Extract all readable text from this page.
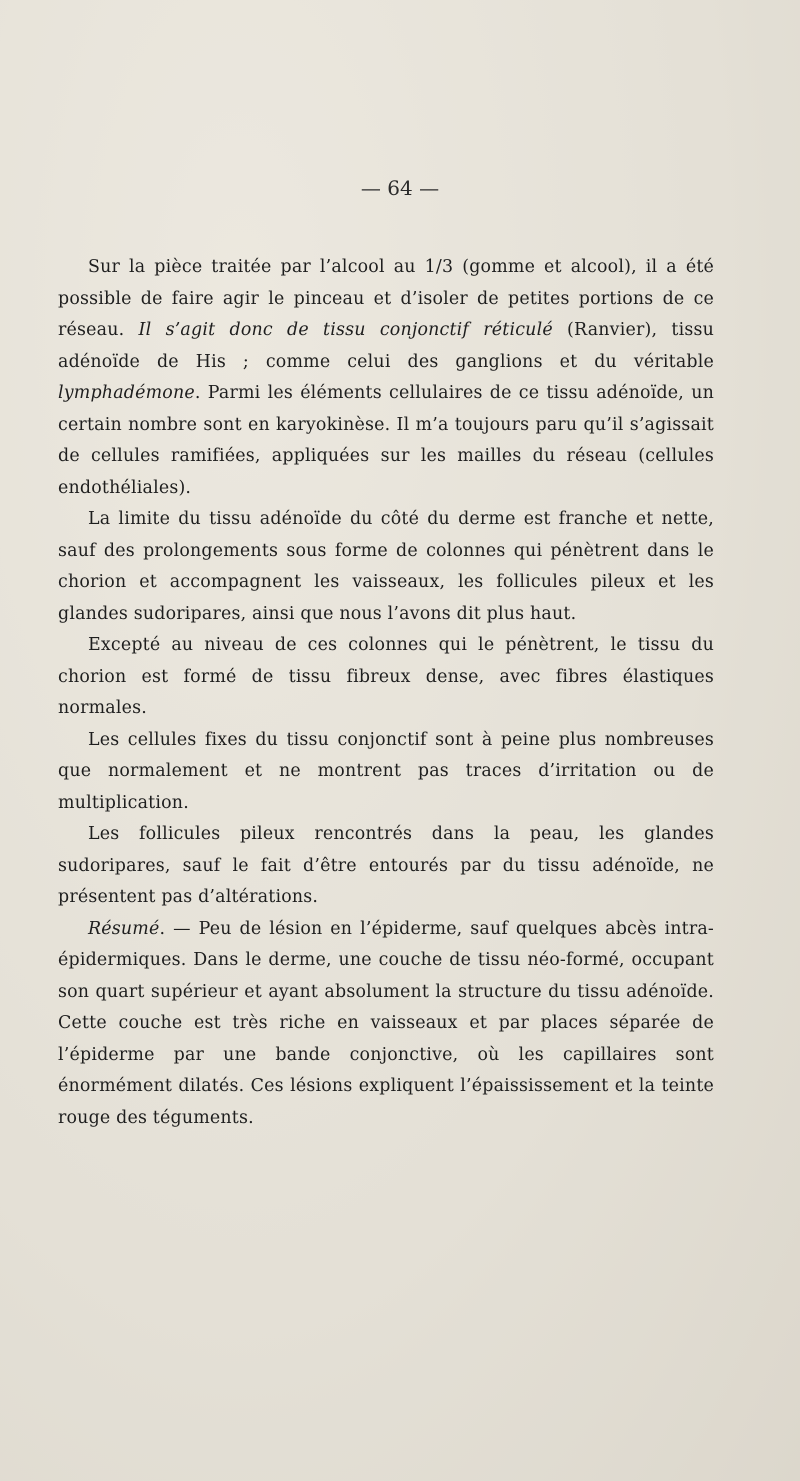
— 64 —

Sur la pièce traitée par l’alcool au 1/3 (gomme et alcool), il a été possible de faire agir le pinceau et d’isoler de petites portions de ce réseau. Il s’agit donc de tissu conjonctif réticulé (Ranvier), tissu adénoïde de His ; comme celui des ganglions et du véritable lymphadémone. Parmi les éléments cellulaires de ce tissu adénoïde, un certain nombre sont en karyokinèse. Il m’a toujours paru qu’il s’agissait de cellules ramifiées, appliquées sur les mailles du réseau (cellules endothéliales).

La limite du tissu adénoïde du côté du derme est franche et nette, sauf des prolongements sous forme de colonnes qui pénètrent dans le chorion et accompagnent les vaisseaux, les follicules pileux et les glandes sudoripares, ainsi que nous l’avons dit plus haut.

Excepté au niveau de ces colonnes qui le pénètrent, le tissu du chorion est formé de tissu fibreux dense, avec fibres élastiques normales.

Les cellules fixes du tissu conjonctif sont à peine plus nombreuses que normalement et ne montrent pas traces d’irritation ou de multiplication.

Les follicules pileux rencontrés dans la peau, les glandes sudoripares, sauf le fait d’être entourés par du tissu adénoïde, ne présentent pas d’altérations.

Résumé. — Peu de lésion en l’épiderme, sauf quelques abcès intra-épidermiques. Dans le derme, une couche de tissu néo-formé, occupant son quart supérieur et ayant absolument la structure du tissu adénoïde. Cette couche est très riche en vaisseaux et par places séparée de l’épiderme par une bande conjonctive, où les capillaires sont énormément dilatés. Ces lésions expliquent l’épaississement et la teinte rouge des téguments.
